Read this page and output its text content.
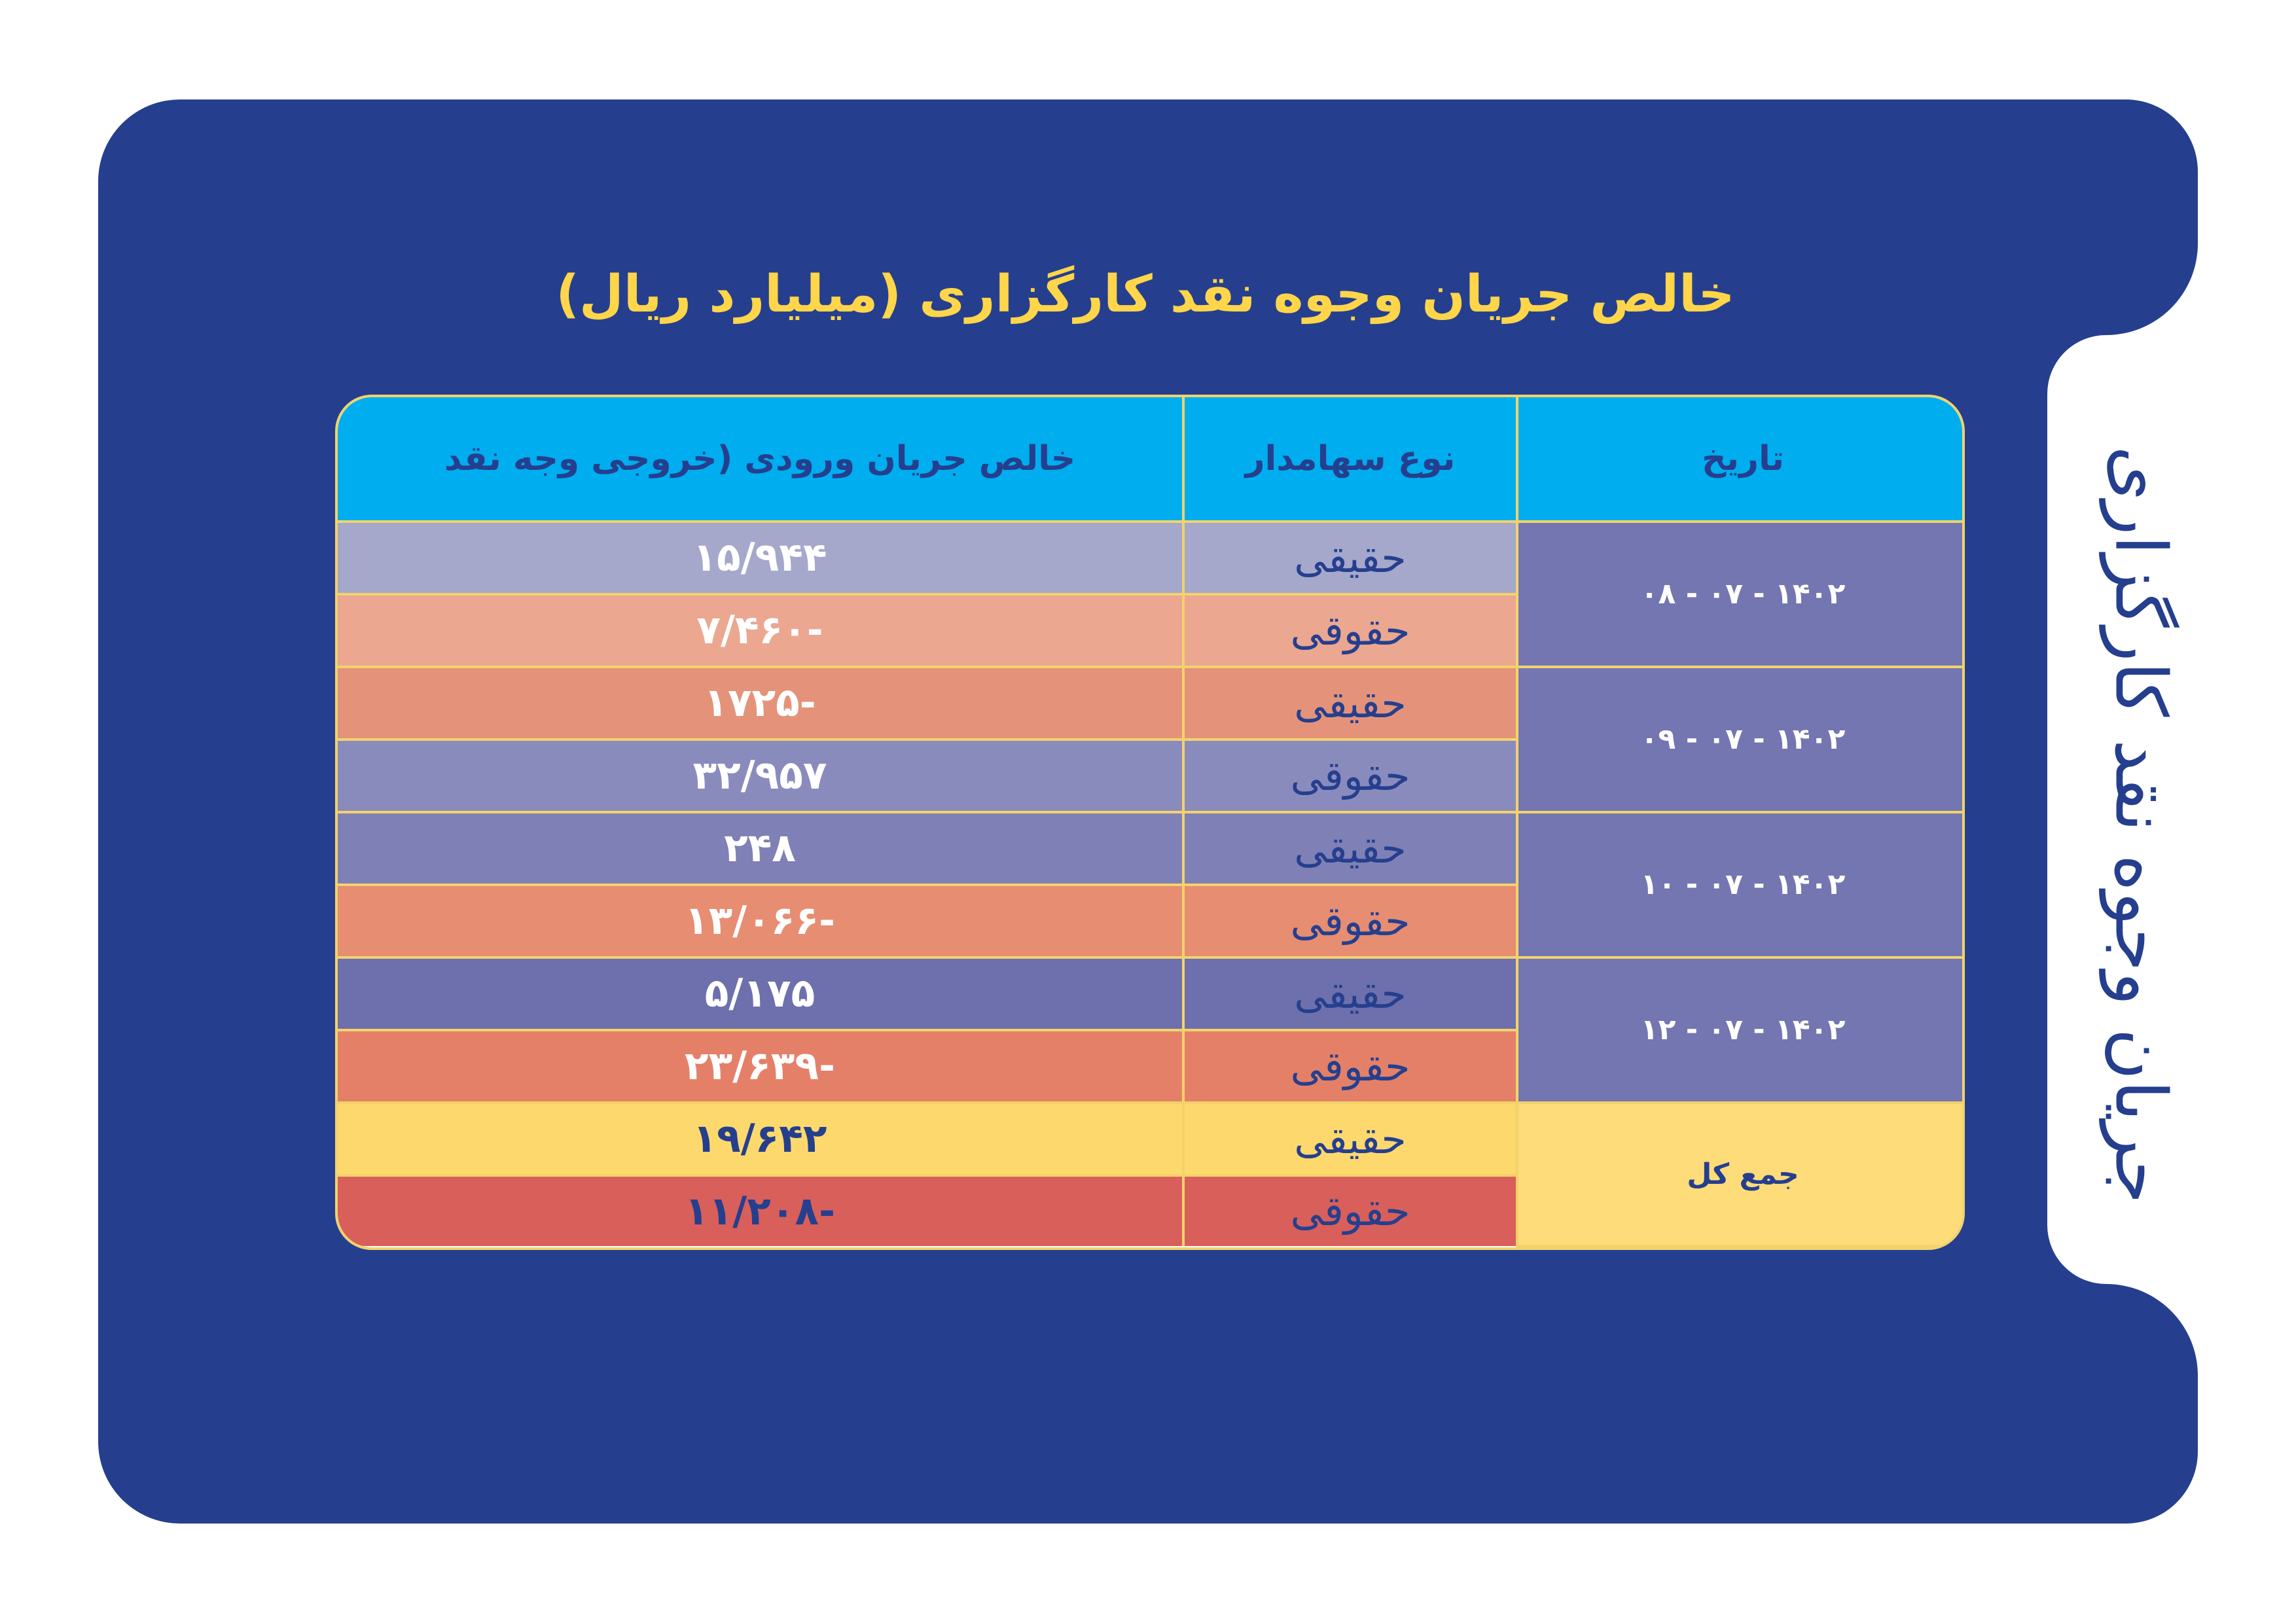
خالص جریان وجوه نقد کارگزاری (میلیارد ریال)
جریان وجوه نقد کارگزاری
تاریخ	نوع سهامدار	خالص جریان ورودی (خروجی وجه نقد
۱۴۰۲ - ۰۷ - ۰۸	حقیقی	۱۵/۹۴۴
	حقوقی	-۷/۴۶۰
۱۴۰۲ - ۰۷ - ۰۹	حقیقی	-۱۷۲۵
	حقوقی	۳۲/۹۵۷
۱۴۰۲ - ۰۷ - ۱۰	حقیقی	۲۴۸
	حقوقی	-۱۳/۰۶۶
۱۴۰۲ - ۰۷ - ۱۲	حقیقی	۵/۱۷۵
	حقوقی	-۲۳/۶۳۹
جمع کل	حقیقی	۱۹/۶۴۲
	حقوقی	-۱۱/۲۰۸
